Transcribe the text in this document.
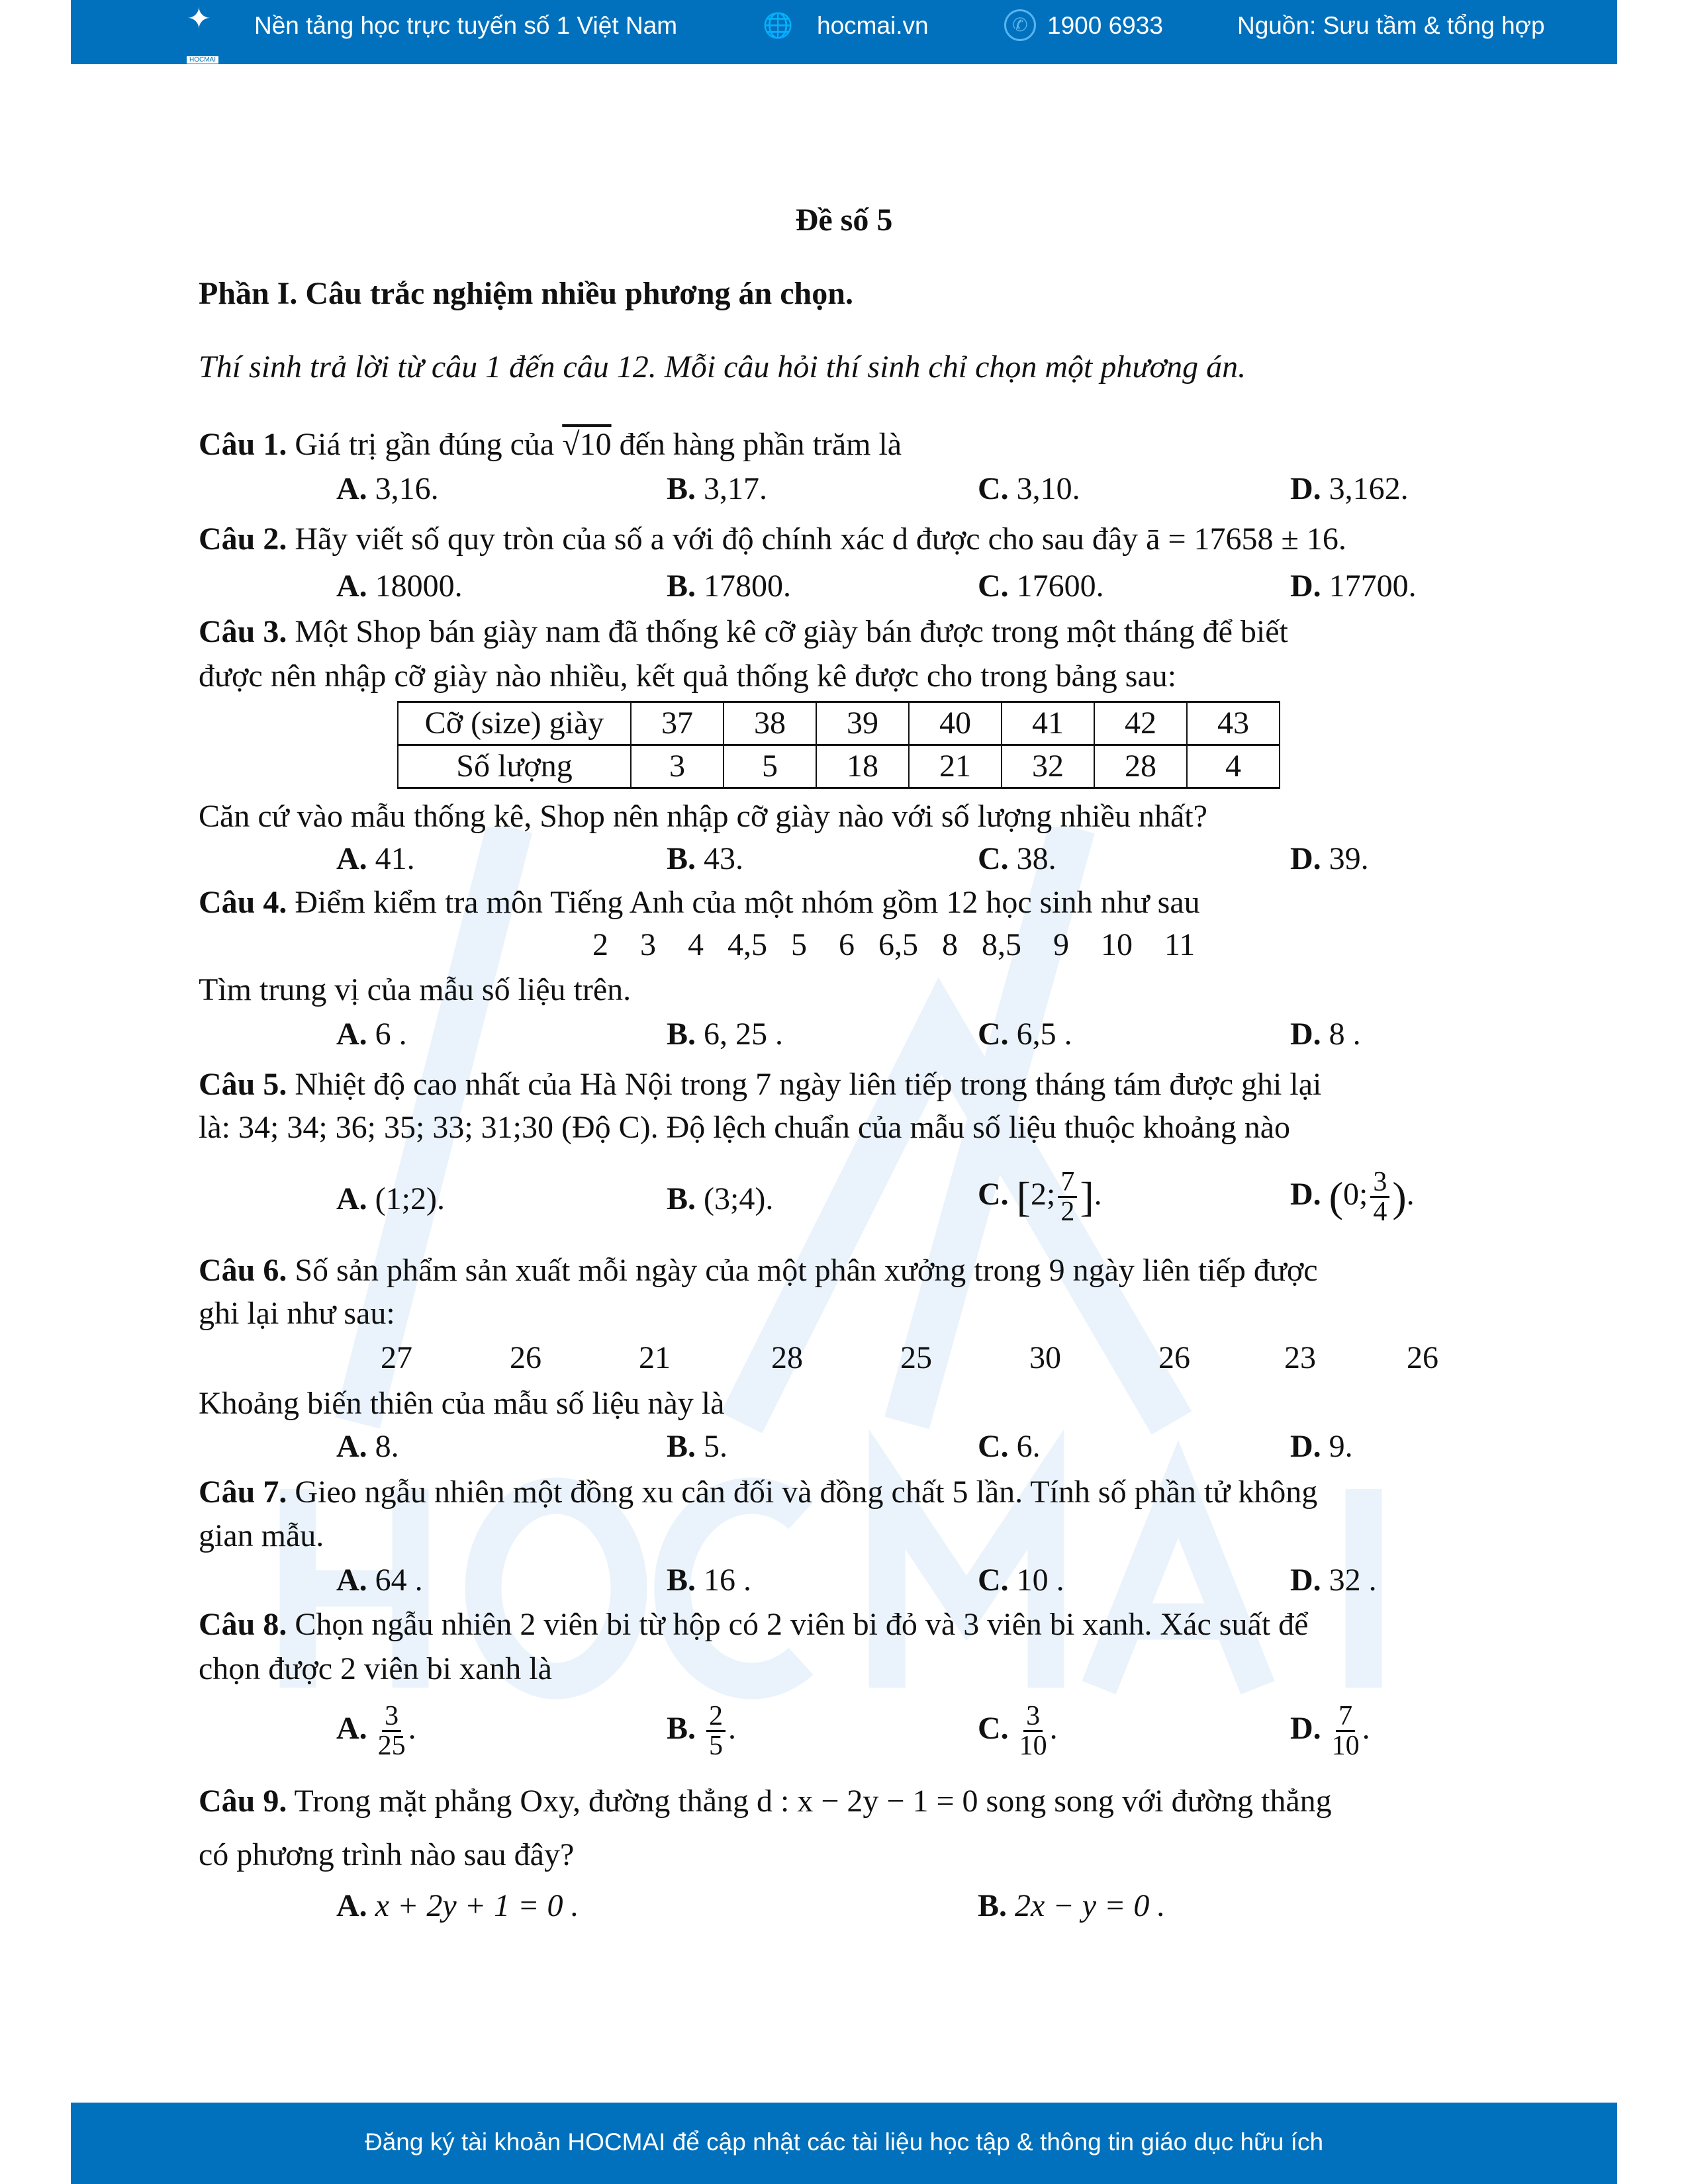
✦
HOCMAI
Nền tảng học trực tuyến số 1 Việt Nam	🌐 hocmai.vn	✆ 1900 6933	Nguồn: Sưu tầm & tổng hợp
Đề số 5
Phần I. Câu trắc nghiệm nhiều phương án chọn.
Thí sinh trả lời từ câu 1 đến câu 12. Mỗi câu hỏi thí sinh chỉ chọn một phương án.
Câu 1. Giá trị gần đúng của √10 đến hàng phần trăm là
A. 3,16.	B. 3,17.	C. 3,10.	D. 3,162.
Câu 2. Hãy viết số quy tròn của số a với độ chính xác d được cho sau đây ā = 17658 ± 16.
A. 18000.	B. 17800.	C. 17600.	D. 17700.
Câu 3. Một Shop bán giày nam đã thống kê cỡ giày bán được trong một tháng để biết
được nên nhập cỡ giày nào nhiều, kết quả thống kê được cho trong bảng sau:
Cỡ (size) giày	37	38	39	40	41	42	43
Số lượng	3	5	18	21	32	28	4
Căn cứ vào mẫu thống kê, Shop nên nhập cỡ giày nào với số lượng nhiều nhất?
A. 41.	B. 43.	C. 38.	D. 39.
Câu 4. Điểm kiểm tra môn Tiếng Anh của một nhóm gồm 12 học sinh như sau
2    3    4   4,5   5    6   6,5   8   8,5    9    10    11
Tìm trung vị của mẫu số liệu trên.
A. 6 .	B. 6, 25 .	C. 6,5 .	D. 8 .
Câu 5. Nhiệt độ cao nhất của Hà Nội trong 7 ngày liên tiếp trong tháng tám được ghi lại
là: 34; 34; 36; 35; 33; 31;30 (Độ C). Độ lệch chuẩn của mẫu số liệu thuộc khoảng nào
A. (1;2).	B. (3;4).	C. [2; $\frac{7}{2}$ ].	D. (0; $\frac{3}{4}$ ).
Câu 6. Số sản phẩm sản xuất mỗi ngày của một phân xưởng trong 9 ngày liên tiếp được
ghi lại như sau:
27	26	21	28	25	30	26	23	26
Khoảng biến thiên của mẫu số liệu này là
A. 8.	B. 5.	C. 6.	D. 9.
Câu 7. Gieo ngẫu nhiên một đồng xu cân đối và đồng chất 5 lần. Tính số phần tử không
gian mẫu.
A. 64 .	B. 16 .	C. 10 .	D. 32 .
Câu 8. Chọn ngẫu nhiên 2 viên bi từ hộp có 2 viên bi đỏ và 3 viên bi xanh. Xác suất để
chọn được 2 viên bi xanh là
A. $\frac{3}{25}$ .	B. $\frac{2}{5}$ .	C. $\frac{3}{10}$ .	D. $\frac{7}{10}$ .
Câu 9. Trong mặt phẳng Oxy, đường thẳng d : x − 2y − 1 = 0 song song với đường thẳng
có phương trình nào sau đây?
A. x + 2y + 1 = 0 .	B. 2x − y = 0 .
Đăng ký tài khoản HOCMAI để cập nhật các tài liệu học tập & thông tin giáo dục hữu ích
